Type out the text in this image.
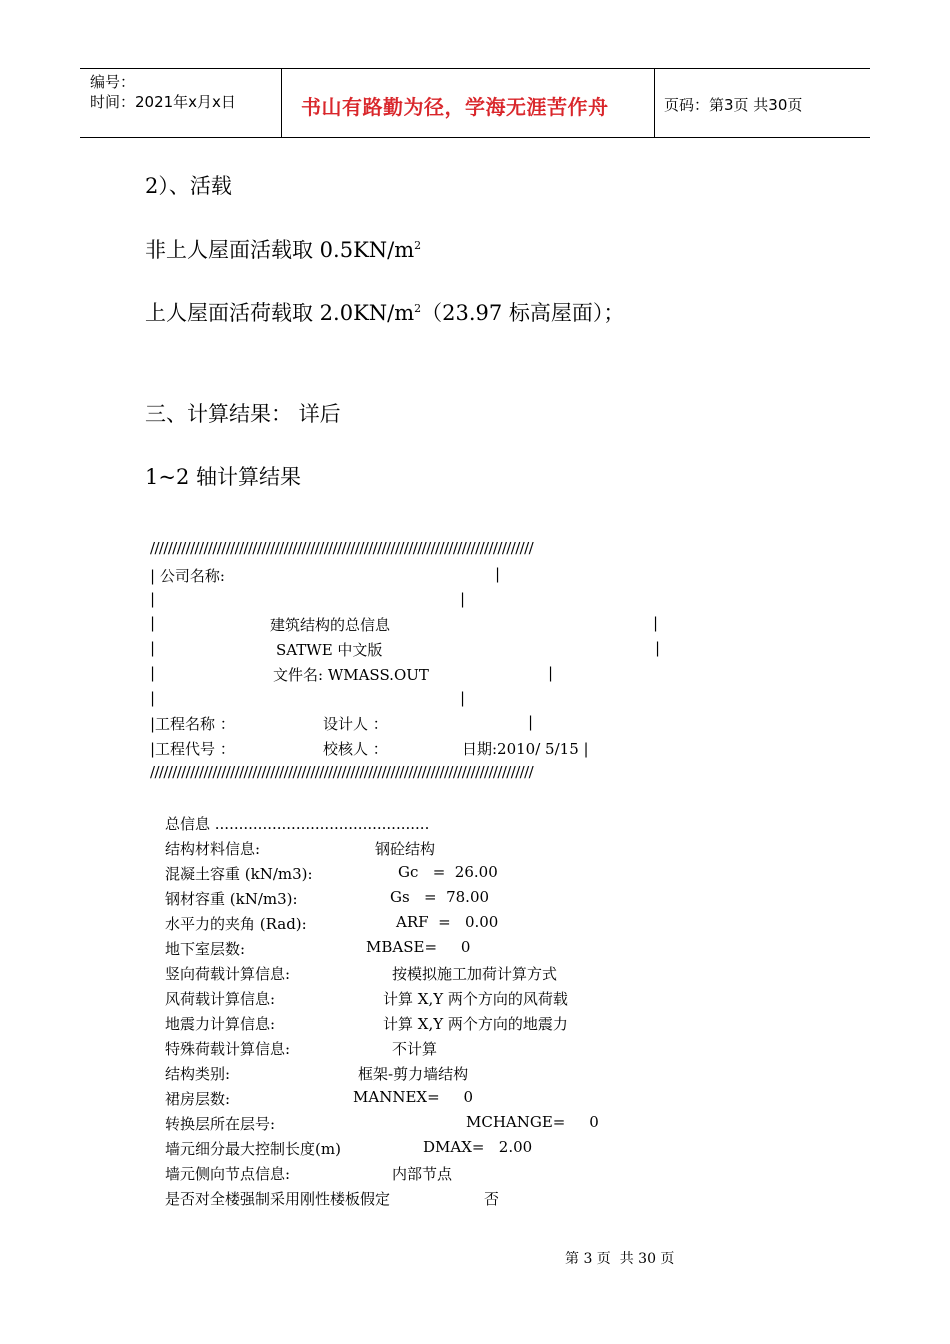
编号：
时间：2021年x月x日	书山有路勤为径，学海无涯苦作舟	页码：第3页 共30页
2）、活载
非上人屋面活载取 $0.5KN/m^2$
上人屋面活荷载取 $2.0KN/m^2(23.97$ 标高屋面）；
三、计算结果： 详后
1~2 轴计算结果
//////////////////////////////////////////////////////////////////////////////////////
| 公司名称:	|
|	|
|	建筑结构的总信息	|
|	SATWE 中文版	|
|	文件名: WMASS.OUT	|
|	|
|工程名称 ：	设计人 ：	|
|工程代号 ：	校核人 ：	日期:2010/ 5/15 |
//////////////////////////////////////////////////////////////////////////////////////
总信息 .............................................
结构材料信息:	钢砼结构
混凝土容重 (kN/m3):	Gc   =  26.00
钢材容重 (kN/m3):	Gs   =  78.00
水平力的夹角 (Rad):	ARF  =   0.00
地下室层数:	MBASE=     0
竖向荷载计算信息:	按模拟施工加荷计算方式
风荷载计算信息:	计算 X,Y 两个方向的风荷载
地震力计算信息:	计算 X,Y 两个方向的地震力
特殊荷载计算信息:	不计算
结构类别:	框架-剪力墙结构
裙房层数:	MANNEX=     0
转换层所在层号:	MCHANGE=     0
墙元细分最大控制长度(m)	DMAX=   2.00
墙元侧向节点信息:	内部节点
是否对全楼强制采用刚性楼板假定	否
第 3 页  共 30 页
